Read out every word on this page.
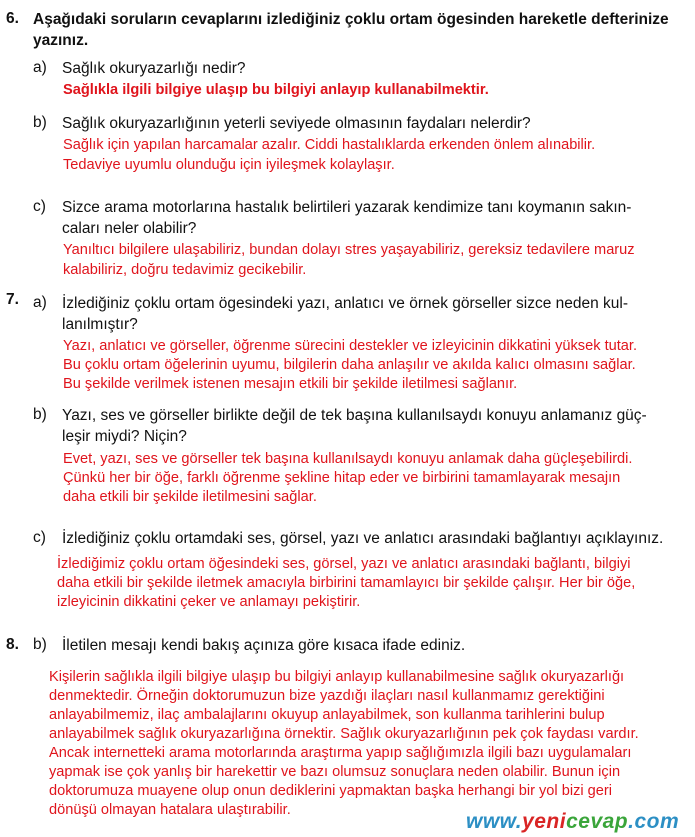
6. Aşağıdaki soruların cevaplarını izlediğiniz çoklu ortam ögesinden hareketle defterinize
yazınız.
a) Sağlık okuryazarlığı nedir?
Sağlıkla ilgili bilgiye ulaşıp bu bilgiyi anlayıp kullanabilmektir.
b) Sağlık okuryazarlığının yeterli seviyede olmasının faydaları nelerdir?
Sağlık için yapılan harcamalar azalır. Ciddi hastalıklarda erkenden önlem alınabilir.
Tedaviye uyumlu olunduğu için iyileşmek kolaylaşır.
c) Sizce arama motorlarına hastalık belirtileri yazarak kendimize tanı koymanın sakın-
caları neler olabilir?
Yanıltıcı bilgilere ulaşabiliriz, bundan dolayı stres yaşayabiliriz, gereksiz tedavilere maruz
kalabiliriz, doğru tedavimiz gecikebilir.
7. a) İzlediğiniz çoklu ortam ögesindeki yazı, anlatıcı ve örnek görseller sizce neden kul-
lanılmıştır?
Yazı, anlatıcı ve görseller, öğrenme sürecini destekler ve izleyicinin dikkatini yüksek tutar.
Bu çoklu ortam öğelerinin uyumu, bilgilerin daha anlaşılır ve akılda kalıcı olmasını sağlar.
Bu şekilde verilmek istenen mesajın etkili bir şekilde iletilmesi sağlanır.
b) Yazı, ses ve görseller birlikte değil de tek başına kullanılsaydı konuyu anlamanız güç-
leşir miydi? Niçin?
Evet, yazı, ses ve görseller tek başına kullanılsaydı konuyu anlamak daha güçleşebilirdi.
Çünkü her bir öğe, farklı öğrenme şekline hitap eder ve birbirini tamamlayarak mesajın
daha etkili bir şekilde iletilmesini sağlar.
c) İzlediğiniz çoklu ortamdaki ses, görsel, yazı ve anlatıcı arasındaki bağlantıyı açıklayınız.
İzlediğimiz çoklu ortam öğesindeki ses, görsel, yazı ve anlatıcı arasındaki bağlantı, bilgiyi
daha etkili bir şekilde iletmek amacıyla birbirini tamamlayıcı bir şekilde çalışır. Her bir öğe,
izleyicinin dikkatini çeker ve anlamayı pekiştirir.
8. b) İletilen mesajı kendi bakış açınıza göre kısaca ifade ediniz.
Kişilerin sağlıkla ilgili bilgiye ulaşıp bu bilgiyi anlayıp kullanabilmesine sağlık okuryazarlığı
denmektedir. Örneğin doktorumuzun bize yazdığı ilaçları nasıl kullanmamız gerektiğini
anlayabilmemiz, ilaç ambalajlarını okuyup anlayabilmek, son kullanma tarihlerini bulup
anlayabilmek sağlık okuryazarlığına örnektir. Sağlık okuryazarlığının pek çok faydası vardır.
Ancak internetteki arama motorlarında araştırma yapıp sağlığımızla ilgili bazı uygulamaları
yapmak ise çok yanlış bir harekettir ve bazı olumsuz sonuçlara neden olabilir. Bunun için
doktorumuza muayene olup onun dediklerini yapmaktan başka herhangi bir yol bizi geri
dönüşü olmayan hatalara ulaştırabilir.	www.yenicevap.com
